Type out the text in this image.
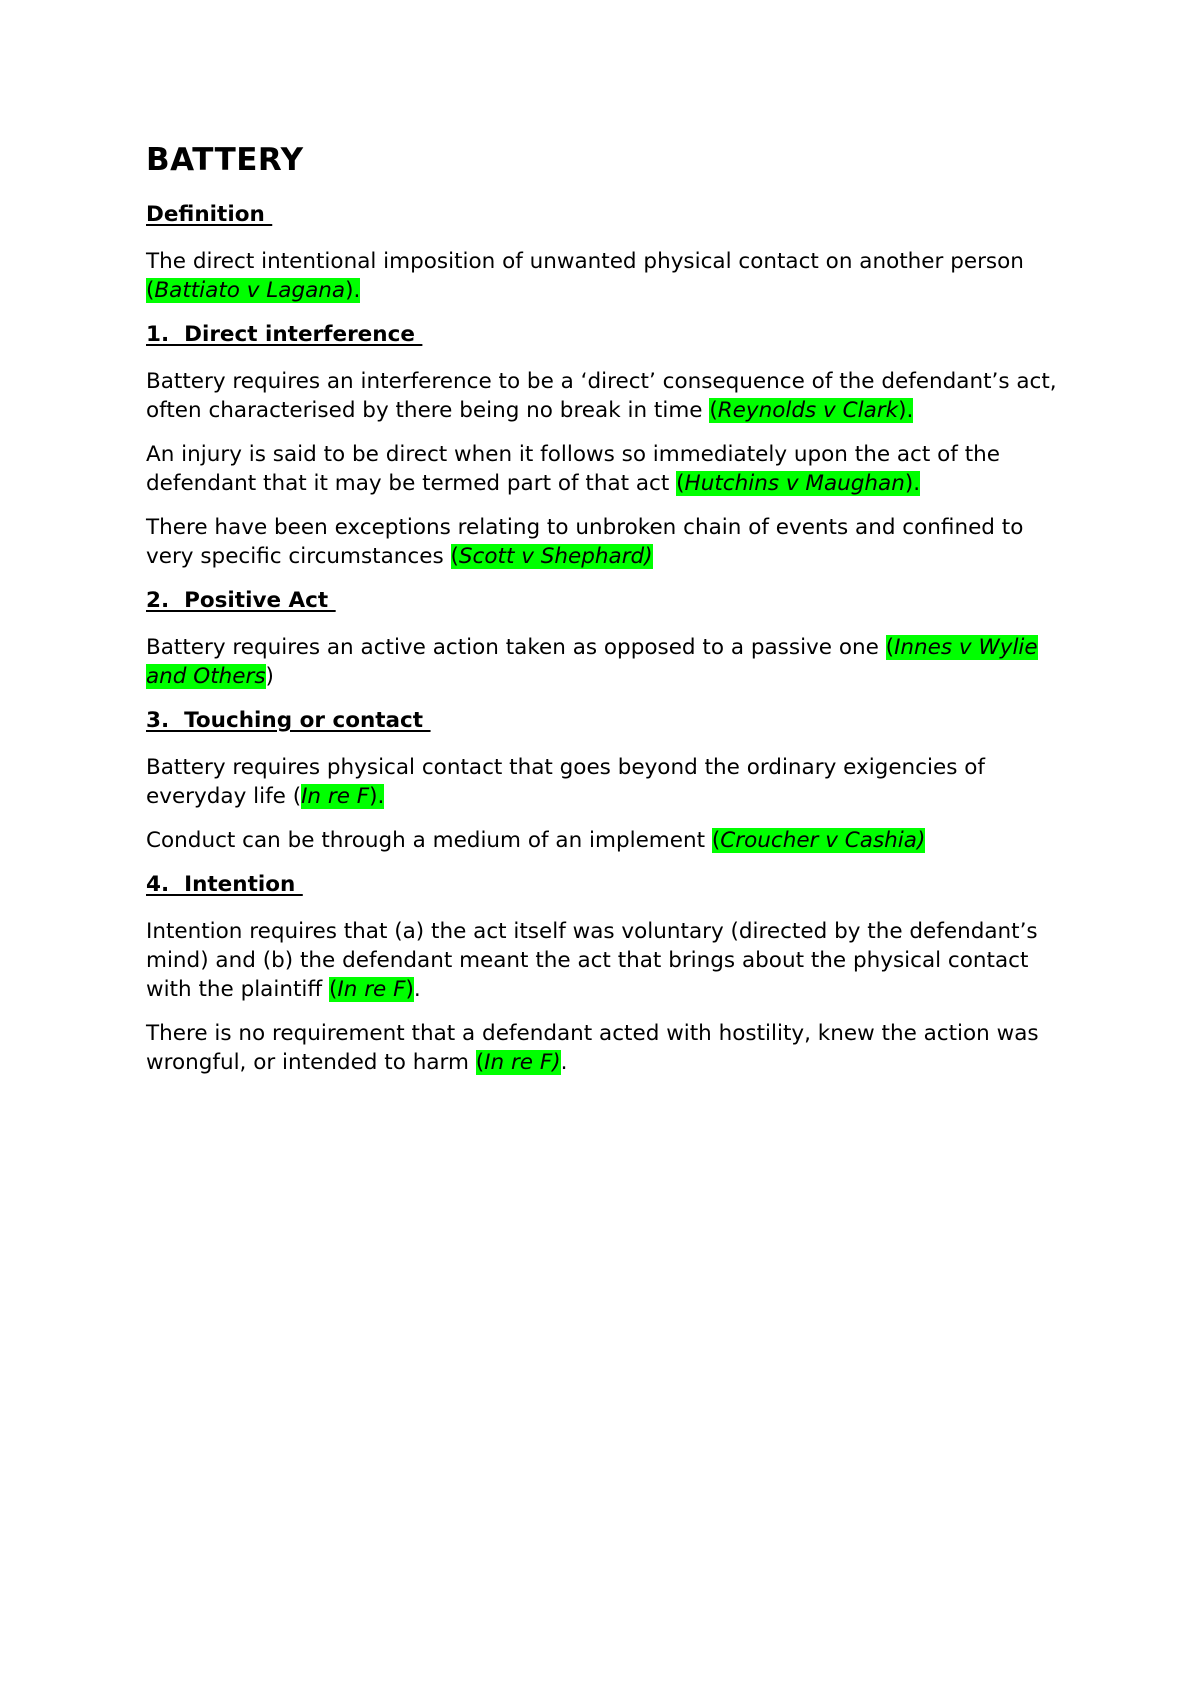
BATTERY
Definition

The direct intentional imposition of unwanted physical contact on another person (Battiato v Lagana).

1.  Direct interference

Battery requires an interference to be a ‘direct’ consequence of the defendant’s act, often characterised by there being no break in time (Reynolds v Clark).

An injury is said to be direct when it follows so immediately upon the act of the defendant that it may be termed part of that act (Hutchins v Maughan).

There have been exceptions relating to unbroken chain of events and confined to very specific circumstances (Scott v Shephard)

2.  Positive Act

Battery requires an active action taken as opposed to a passive one (Innes v Wylie and Others)

3.  Touching or contact

Battery requires physical contact that goes beyond the ordinary exigencies of everyday life (In re F).

Conduct can be through a medium of an implement (Croucher v Cashia)

4.  Intention

Intention requires that (a) the act itself was voluntary (directed by the defendant’s mind) and (b) the defendant meant the act that brings about the physical contact with the plaintiff (In re F).

There is no requirement that a defendant acted with hostility, knew the action was wrongful, or intended to harm (In re F).
